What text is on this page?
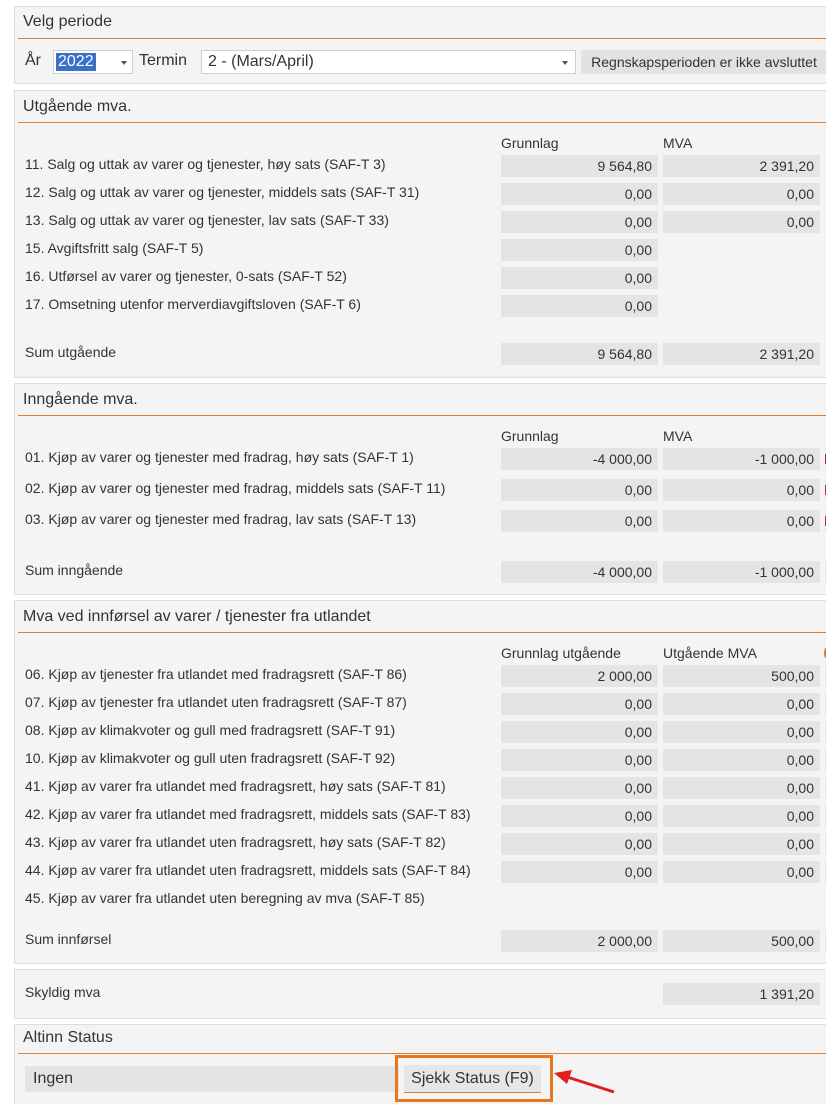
Velg periode
År 2022	Termin 2 - (Mars/April)	Regnskapsperioden er ikke avsluttet
Utgående mva.
Grunnlag	MVA
11. Salg og uttak av varer og tjenester, høy sats (SAF-T 3)	9 564,80	2 391,20
12. Salg og uttak av varer og tjenester, middels sats (SAF-T 31)	0,00	0,00
13. Salg og uttak av varer og tjenester, lav sats (SAF-T 33)	0,00	0,00
15. Avgiftsfritt salg (SAF-T 5)	0,00
16. Utførsel av varer og tjenester, 0-sats (SAF-T 52)	0,00
17. Omsetning utenfor merverdiavgiftsloven (SAF-T 6)	0,00
Sum utgående	9 564,80	2 391,20
Inngående mva.
Grunnlag	MVA
01. Kjøp av varer og tjenester med fradrag, høy sats (SAF-T 1)	-4 000,00	-1 000,00
02. Kjøp av varer og tjenester med fradrag, middels sats (SAF-T 11)	0,00	0,00
03. Kjøp av varer og tjenester med fradrag, lav sats (SAF-T 13)	0,00	0,00
Sum inngående	-4 000,00	-1 000,00
Mva ved innførsel av varer / tjenester fra utlandet
Grunnlag utgående	Utgående MVA
06. Kjøp av tjenester fra utlandet med fradragsrett (SAF-T 86)	2 000,00	500,00
07. Kjøp av tjenester fra utlandet uten fradragsrett (SAF-T 87)	0,00	0,00
08. Kjøp av klimakvoter og gull med fradragsrett (SAF-T 91)	0,00	0,00
10. Kjøp av klimakvoter og gull uten fradragsrett (SAF-T 92)	0,00	0,00
41. Kjøp av varer fra utlandet med fradragsrett, høy sats (SAF-T 81)	0,00	0,00
42. Kjøp av varer fra utlandet med fradragsrett, middels sats (SAF-T 83)	0,00	0,00
43. Kjøp av varer fra utlandet uten fradragsrett, høy sats (SAF-T 82)	0,00	0,00
44. Kjøp av varer fra utlandet uten fradragsrett, middels sats (SAF-T 84)	0,00	0,00
45. Kjøp av varer fra utlandet uten beregning av mva (SAF-T 85)
Sum innførsel	2 000,00	500,00
Skyldig mva	1 391,20
Altinn Status
Ingen	Sjekk Status (F9)
